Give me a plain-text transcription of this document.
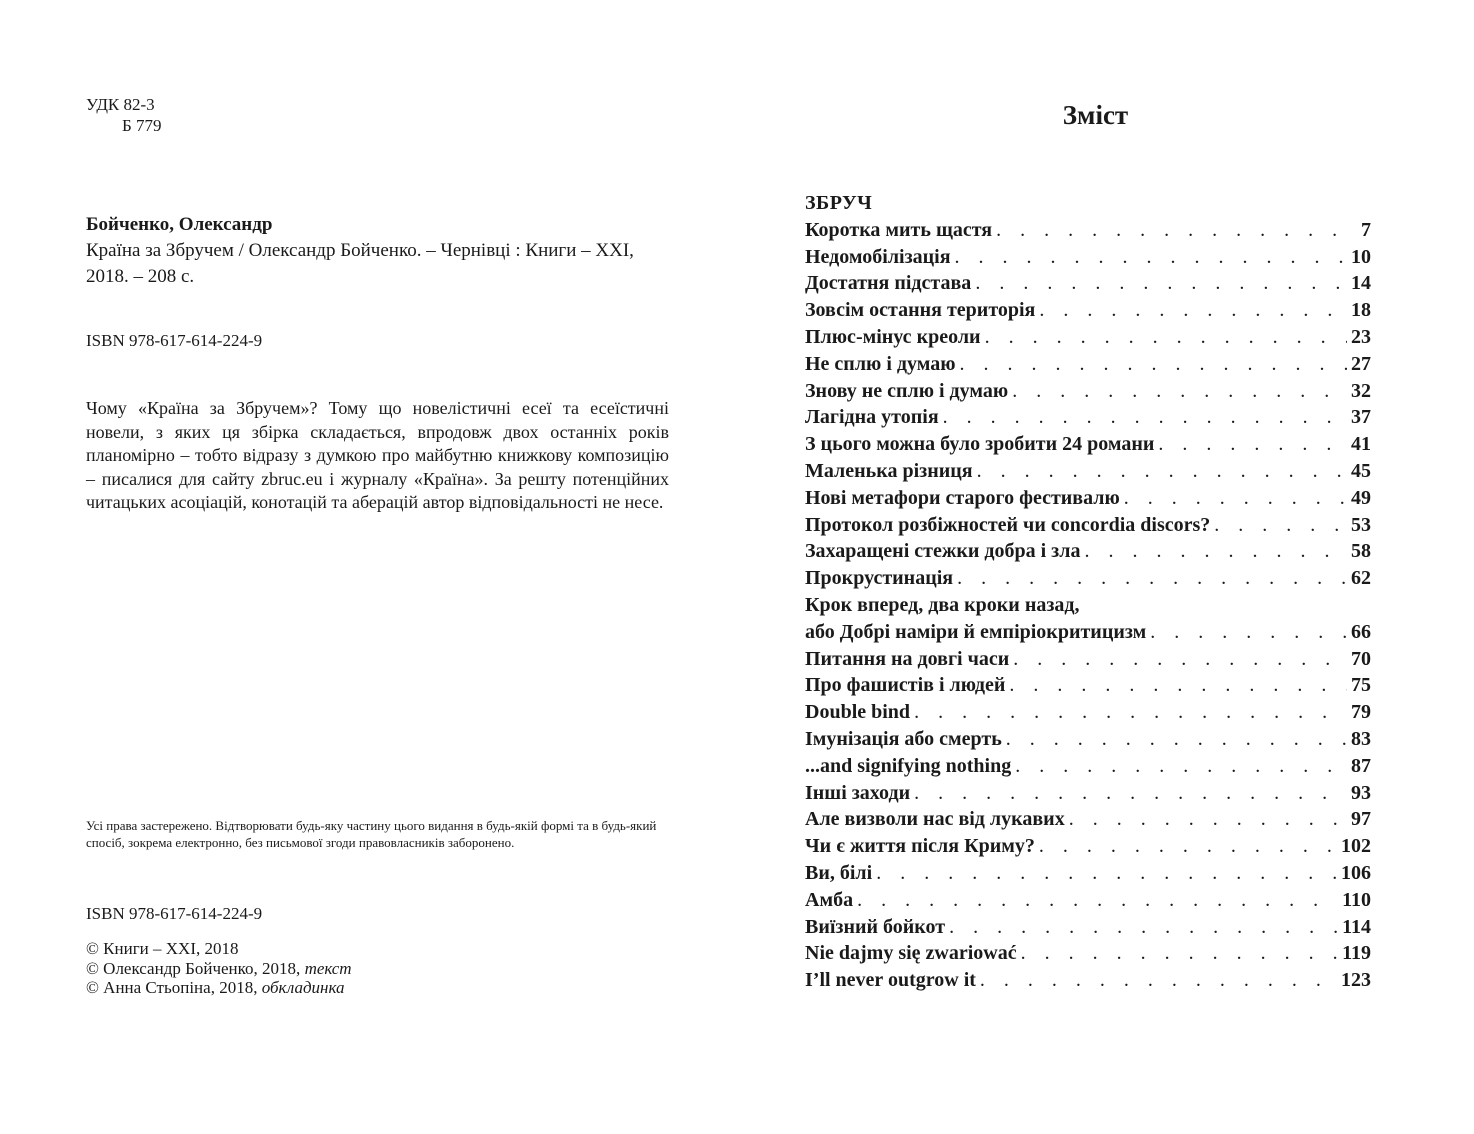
УДК 82-3
Б 779
Бойченко, Олександр
Країна за Збручем / Олександр Бойченко. – Чернівці : Книги – XXI, 2018. – 208 с.
ISBN 978-617-614-224-9
Чому «Країна за Збручем»? Тому що новелістичні есеї та есеїстичні новели, з яких ця збірка складається, впродовж двох останніх років планомірно – тобто відразу з думкою про майбутню книжкову композицію – писалися для сайту zbruc.eu і журналу «Країна». За решту потенційних читацьких асоціацій, конотацій та аберацій автор відповідальності не несе.
Усі права застережено. Відтворювати будь-яку частину цього видання в будь-якій формі та в будь-який спосіб, зокрема електронно, без письмової згоди правовласників заборонено.
ISBN 978-617-614-224-9
© Книги – XXI, 2018
© Олександр Бойченко, 2018, текст
© Анна Стьопіна, 2018, обкладинка
Зміст
ЗБРУЧ
Коротка мить щастя . . .	7
Недомобілізація . . .	10
Достатня підстава . . .	14
Зовсім остання територія . . .	18
Плюс-мінус креоли . . .	23
Не сплю і думаю . . .	27
Знову не сплю і думаю . . .	32
Лагідна утопія . . .	37
З цього можна було зробити 24 романи . . .	41
Маленька різниця . . .	45
Нові метафори старого фестивалю . . .	49
Протокол розбіжностей чи concordia discors? . . .	53
Захаращені стежки добра і зла . . .	58
Прокрустинація . . .	62
Крок вперед, два кроки назад,
або Добрі наміри й емпіріокритицизм . . .	66
Питання на довгі часи . . .	70
Про фашистів і людей . . .	75
Double bind . . .	79
Імунізація або смерть . . .	83
...and signifying nothing . . .	87
Інші заходи . . .	93
Але визволи нас від лукавих . . .	97
Чи є життя після Криму? . . .	102
Ви, білі . . .	106
Амба . . .	110
Виїзний бойкот . . .	114
Nie dajmy się zwariować . . .	119
I’ll never outgrow it . . .	123
